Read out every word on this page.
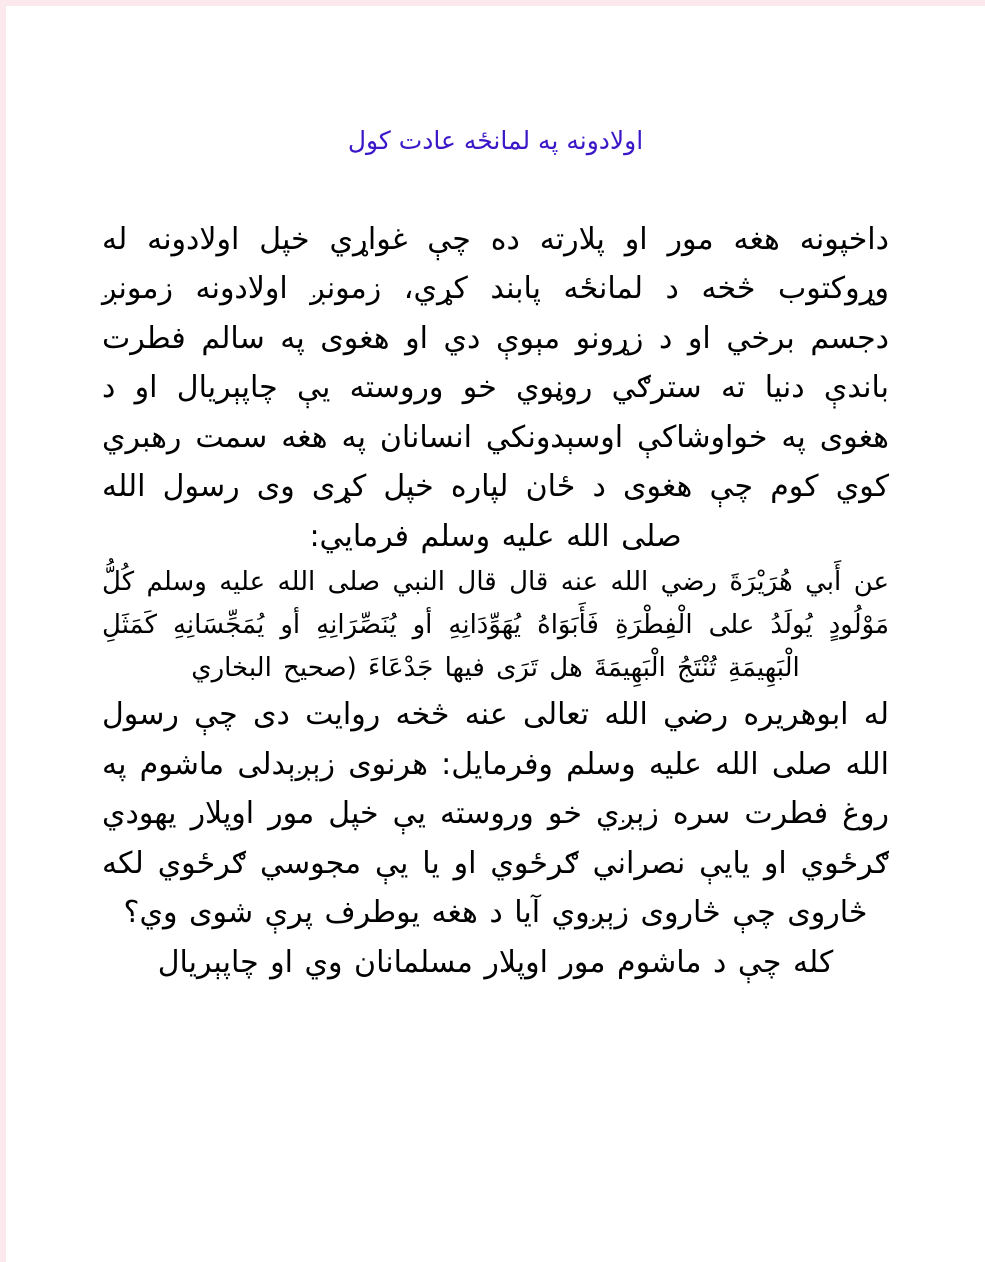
اولادونه په لمانځه عادت كول

داخپونه هغه مور او پلارته ده چې غواړي خپل اولادونه له وړوكتوب څخه د لمانځه پابند كړي، زمونږ اولادونه زمونږ دجسم برخي او د زړونو مېوې دي او هغوى په سالم فطرت باندې دنيا ته سترګي روڼوي خو وروسته يې چاپېريال او د هغوى په خواوشاكې اوسېدونكي انسانان په هغه سمت رهبري كوي كوم چې هغوى د ځان لپاره خپل كړى وى رسول الله صلى الله عليه وسلم فرمايي:

عن أَبي هُرَيْرَةَ رضي الله عنه قال قال النبي صلى الله عليه وسلم كُلُّ مَوْلُودٍ يُولَدُ على الْفِطْرَةِ فَأَبَوَاهُ يُهَوِّدَانِهِ أو يُنَصِّرَانِهِ أو يُمَجِّسَانِهِ كَمَثَلِ الْبَهِيمَةِ تُنْتَجُ الْبَهِيمَةَ هل تَرَى فيها جَدْعَاءَ (صحيح البخاري

له ابوهريره رضي الله تعالى عنه څخه روايت دى چې رسول الله صلى الله عليه وسلم وفرمايل: هرنوى زېږېدلى ماشوم په روغ فطرت سره زېږي خو وروسته يې خپل مور اوپلار يهودي ګرځوي او يايې نصراني ګرځوي او يا يې مجوسي ګرځوي لكه څاروى چې څاروى زېږوي آيا د هغه يوطرف پرې شوى وي؟

كله چې د ماشوم مور اوپلار مسلمانان وي او چاپېريال
